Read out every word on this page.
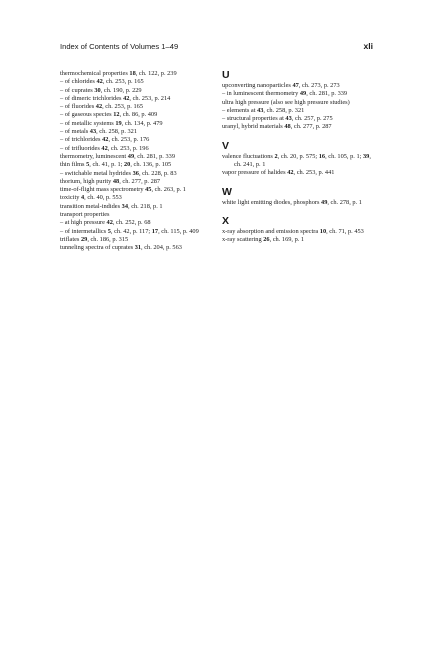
Index of Contents of Volumes 1–49	xli

thermochemical properties 18, ch. 122, p. 239

– of chlorides 42, ch. 253, p. 165

– of cuprates 30, ch. 190, p. 229

– of dimeric trichlorides 42, ch. 253, p. 214

– of fluorides 42, ch. 253, p. 165

– of gaseous species 12, ch. 86, p. 409

– of metallic systems 19, ch. 134, p. 479

– of metals 43, ch. 258, p. 321

– of trichlorides 42, ch. 253, p. 176

– of trifluorides 42, ch. 253, p. 196

thermometry, luminescent 49, ch. 281, p. 339

thin films 5, ch. 41, p. 1; 20, ch. 136, p. 105

– switchable metal hydrides 36, ch. 228, p. 83

thorium, high purity 48, ch. 277, p. 287

time-of-flight mass spectrometry 45, ch. 263, p. 1

toxicity 4, ch. 40, p. 553

transition metal-indides 34, ch. 218, p. 1

transport properties

– at high pressure 42, ch. 252, p. 68

– of intermetallics 5, ch. 42, p. 117; 17, ch. 115, p. 409

triflates 29, ch. 186, p. 315

tunneling spectra of cuprates 31, ch. 204, p. 563

U

upconverting nanoparticles 47, ch. 273, p. 273

– in luminescent thermometry 49, ch. 281, p. 339

ultra high pressure (also see high pressure studies)

– elements at 43, ch. 258, p. 321

– structural properties at 43, ch. 257, p. 275

uranyl, hybrid materials 48, ch. 277, p. 287

V

valence fluctuations 2, ch. 20, p. 575; 16, ch. 105, p. 1; 39, ch. 241, p. 1

vapor pressure of halides 42, ch. 253, p. 441

W

white light emitting diodes, phosphors 49, ch. 278, p. 1

X

x-ray absorption and emission spectra 10, ch. 71, p. 453

x-ray scattering 26, ch. 169, p. 1
